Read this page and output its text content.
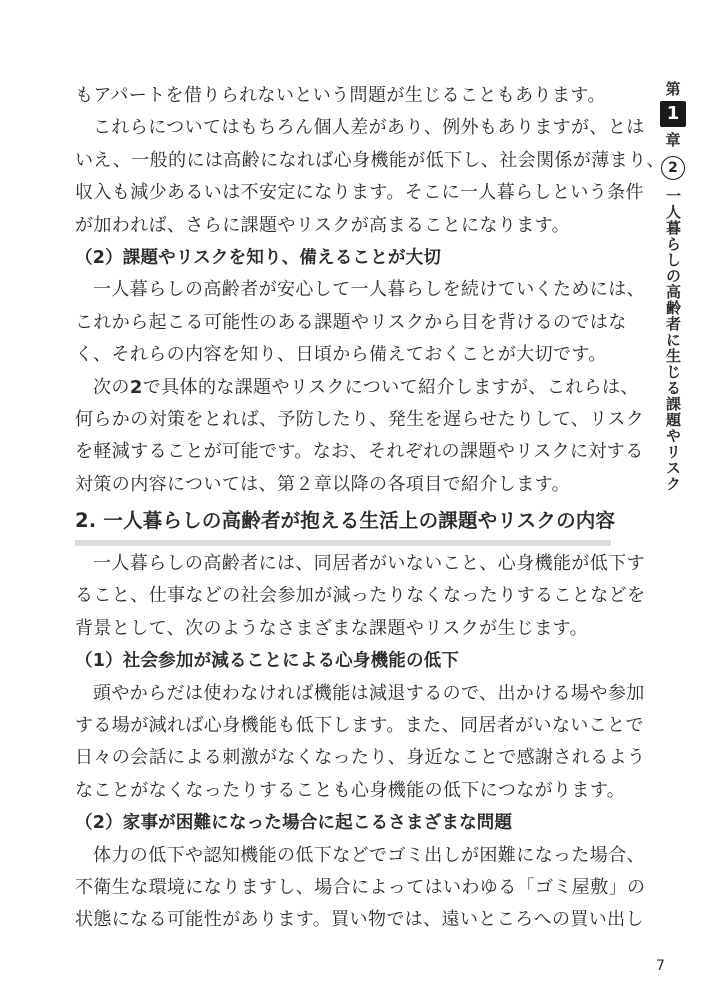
もアパートを借りられないという問題が生じることもあります。
これらについてはもちろん個人差があり、例外もありますが、とは
いえ、一般的には高齢になれば心身機能が低下し、社会関係が薄まり、
収入も減少あるいは不安定になります。そこに一人暮らしという条件
が加われば、さらに課題やリスクが高まることになります。
（2）課題やリスクを知り、備えることが大切
一人暮らしの高齢者が安心して一人暮らしを続けていくためには、
これから起こる可能性のある課題やリスクから目を背けるのではな
く、それらの内容を知り、日頃から備えておくことが大切です。
次の2で具体的な課題やリスクについて紹介しますが、これらは、
何らかの対策をとれば、予防したり、発生を遅らせたりして、リスク
を軽減することが可能です。なお、それぞれの課題やリスクに対する
対策の内容については、第２章以降の各項目で紹介します。
2. 一人暮らしの高齢者が抱える生活上の課題やリスクの内容
一人暮らしの高齢者には、同居者がいないこと、心身機能が低下す
ること、仕事などの社会参加が減ったりなくなったりすることなどを
背景として、次のようなさまざまな課題やリスクが生じます。
（1）社会参加が減ることによる心身機能の低下
頭やからだは使わなければ機能は減退するので、出かける場や参加
する場が減れば心身機能も低下します。また、同居者がいないことで
日々の会話による刺激がなくなったり、身近なことで感謝されるよう
なことがなくなったりすることも心身機能の低下につながります。
（2）家事が困難になった場合に起こるさまざまな問題
体力の低下や認知機能の低下などでゴミ出しが困難になった場合、
不衛生な環境になりますし、場合によってはいわゆる「ゴミ屋敷」の
状態になる可能性があります。買い物では、遠いところへの買い出し
第
1
章
2
一人暮らしの高齢者に生じる課題やリスク
7
